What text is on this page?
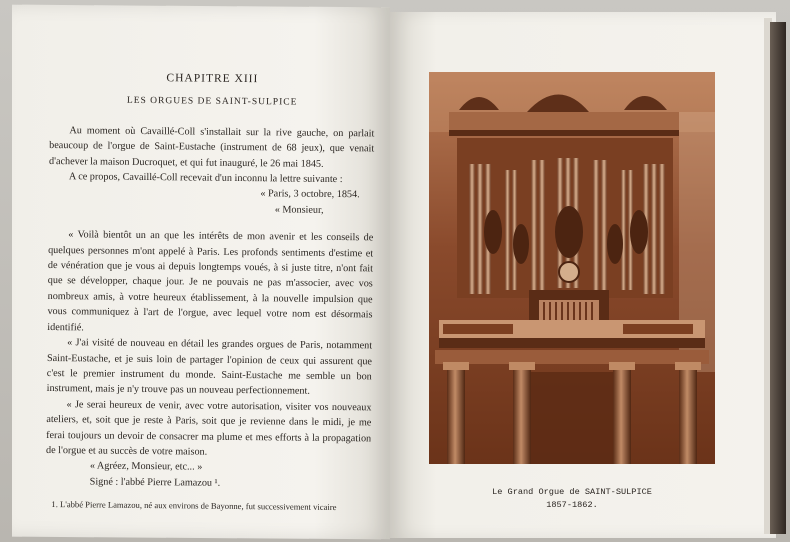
CHAPITRE XIII

LES ORGUES DE SAINT-SULPICE

Au moment où Cavaillé-Coll s'installait sur la rive gauche, on parlait beaucoup de l'orgue de Saint-Eustache (instrument de 68 jeux), que venait d'achever la maison Ducroquet, et qui fut inauguré, le 26 mai 1845.

A ce propos, Cavaillé-Coll recevait d'un inconnu la lettre suivante :

« Paris, 3 octobre, 1854.

« Monsieur,

« Voilà bientôt un an que les intérêts de mon avenir et les conseils de quelques personnes m'ont appelé à Paris. Les profonds sentiments d'estime et de vénération que je vous ai depuis longtemps voués, à si juste titre, n'ont fait que se développer, chaque jour. Je ne pouvais ne pas m'associer, avec vos nombreux amis, à votre heureux établissement, à la nouvelle impulsion que vous communiquez à l'art de l'orgue, avec lequel votre nom est désormais identifié.

« J'ai visité de nouveau en détail les grandes orgues de Paris, notamment Saint-Eustache, et je suis loin de partager l'opinion de ceux qui assurent que c'est le premier instrument du monde. Saint-Eustache me semble un bon instrument, mais je n'y trouve pas un nouveau perfectionnement.

« Je serai heureux de venir, avec votre autorisation, visiter vos nouveaux ateliers, et, soit que je reste à Paris, soit que je revienne dans le midi, je me ferai toujours un devoir de consacrer ma plume et mes efforts à la propagation de l'orgue et au succès de votre maison.

« Agréez, Monsieur, etc... »

Signé : l'abbé Pierre Lamazou ¹.

1. L'abbé Pierre Lamazou, né aux environs de Bayonne, fut successivement vicaire

Le Grand Orgue de SAINT-SULPICE
1857-1862.
